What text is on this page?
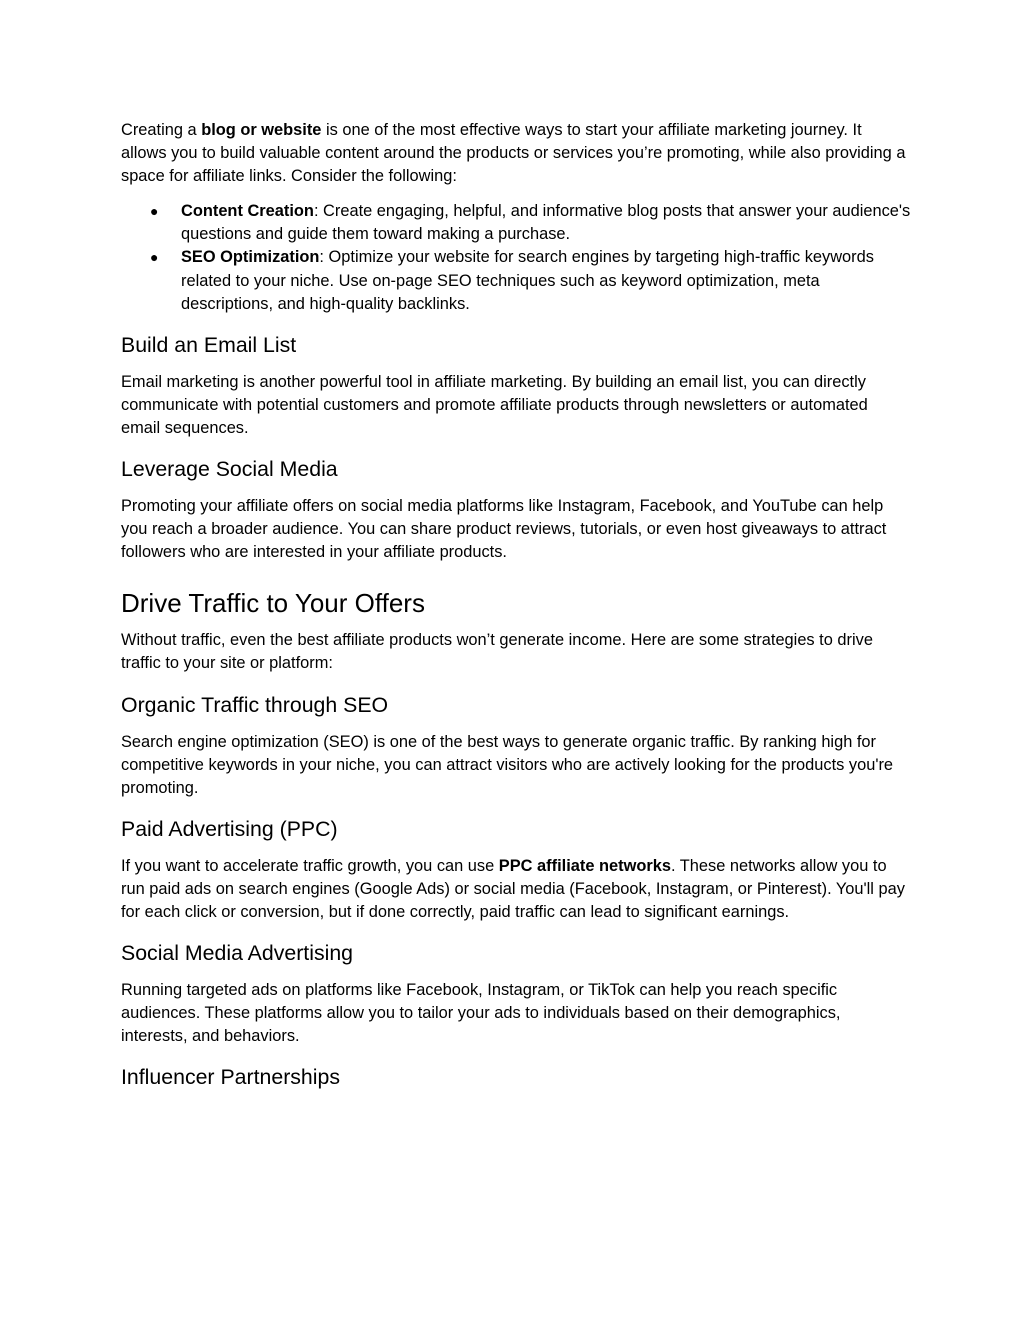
Creating a blog or website is one of the most effective ways to start your affiliate marketing journey. It allows you to build valuable content around the products or services you’re promoting, while also providing a space for affiliate links. Consider the following:

● Content Creation: Create engaging, helpful, and informative blog posts that answer your audience's questions and guide them toward making a purchase.
● SEO Optimization: Optimize your website for search engines by targeting high-traffic keywords related to your niche. Use on-page SEO techniques such as keyword optimization, meta descriptions, and high-quality backlinks.
Build an Email List

Email marketing is another powerful tool in affiliate marketing. By building an email list, you can directly communicate with potential customers and promote affiliate products through newsletters or automated email sequences.

Leverage Social Media

Promoting your affiliate offers on social media platforms like Instagram, Facebook, and YouTube can help you reach a broader audience. You can share product reviews, tutorials, or even host giveaways to attract followers who are interested in your affiliate products.

Drive Traffic to Your Offers

Without traffic, even the best affiliate products won’t generate income. Here are some strategies to drive traffic to your site or platform:

Organic Traffic through SEO

Search engine optimization (SEO) is one of the best ways to generate organic traffic. By ranking high for competitive keywords in your niche, you can attract visitors who are actively looking for the products you're promoting.

Paid Advertising (PPC)

If you want to accelerate traffic growth, you can use PPC affiliate networks. These networks allow you to run paid ads on search engines (Google Ads) or social media (Facebook, Instagram, or Pinterest). You'll pay for each click or conversion, but if done correctly, paid traffic can lead to significant earnings.

Social Media Advertising

Running targeted ads on platforms like Facebook, Instagram, or TikTok can help you reach specific audiences. These platforms allow you to tailor your ads to individuals based on their demographics, interests, and behaviors.

Influencer Partnerships
